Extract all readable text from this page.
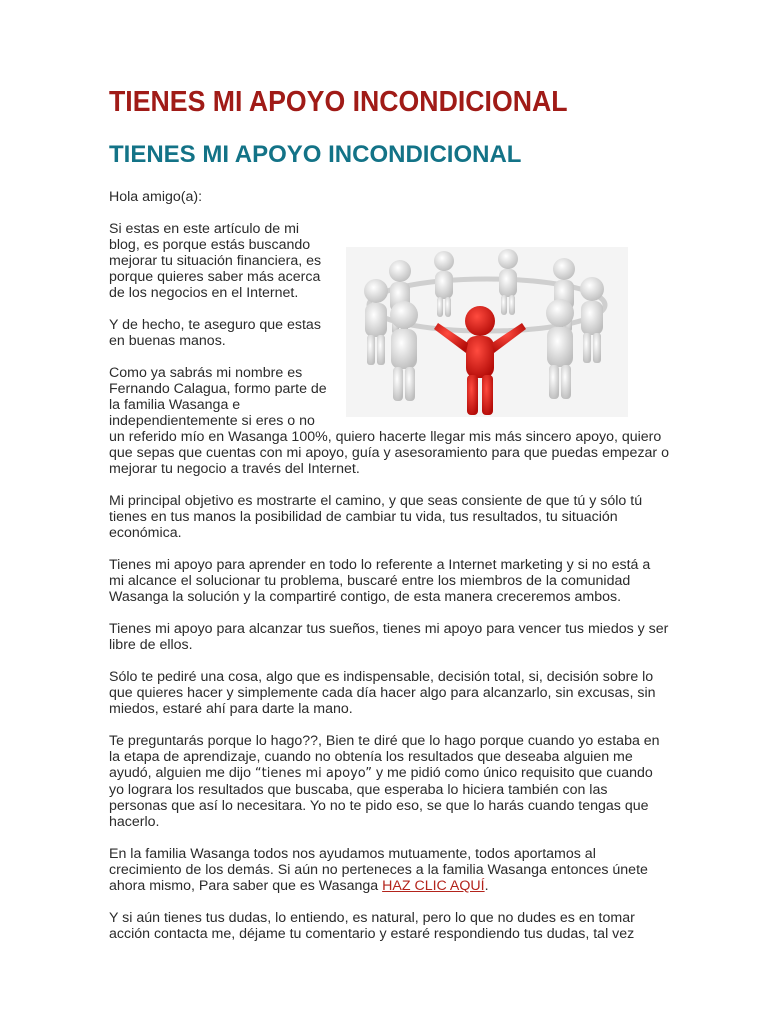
TIENES MI APOYO INCONDICIONAL
TIENES MI APOYO INCONDICIONAL

Hola amigo(a):

Si estas en este artículo de mi blog, es porque estás buscando mejorar tu situación financiera, es porque quieres saber más acerca de los negocios en el Internet.

Y de hecho, te aseguro que estas en buenas manos.

Como ya sabrás mi nombre es Fernando Calagua, formo parte de la familia Wasanga e independientemente si eres o no un referido mío en Wasanga 100%, quiero hacerte llegar mis más sincero apoyo, quiero que sepas que cuentas con mi apoyo, guía y asesoramiento para que puedas empezar o mejorar tu negocio a través del Internet.

Mi principal objetivo es mostrarte el camino, y que seas consiente de que tú y sólo tú tienes en tus manos la posibilidad de cambiar tu vida, tus resultados, tu situación económica.

Tienes mi apoyo para aprender en todo lo referente a Internet marketing y si no está a mi alcance el solucionar tu problema, buscaré entre los miembros de la comunidad Wasanga la solución y la compartiré contigo, de esta manera creceremos ambos.

Tienes mi apoyo para alcanzar tus sueños, tienes mi apoyo para vencer tus miedos y ser libre de ellos.

Sólo te pediré una cosa, algo que es indispensable, decisión total, si, decisión sobre lo que quieres hacer y simplemente cada día hacer algo para alcanzarlo, sin excusas, sin miedos, estaré ahí para darte la mano.

Te preguntarás porque lo hago??, Bien te diré que lo hago porque cuando yo estaba en la etapa de aprendizaje, cuando no obtenía los resultados que deseaba alguien me ayudó, alguien me dijo “tienes mi apoyo” y me pidió como único requisito que cuando yo lograra los resultados que buscaba, que esperaba lo hiciera también con las personas que así lo necesitara. Yo no te pido eso, se que lo harás cuando tengas que hacerlo.

En la familia Wasanga todos nos ayudamos mutuamente, todos aportamos al crecimiento de los demás. Si aún no perteneces a la familia Wasanga entonces únete ahora mismo, Para saber que es Wasanga HAZ CLIC AQUÍ.

Y si aún tienes tus dudas, lo entiendo, es natural, pero lo que no dudes es en tomar acción contacta me, déjame tu comentario y estaré respondiendo tus dudas, tal vez
